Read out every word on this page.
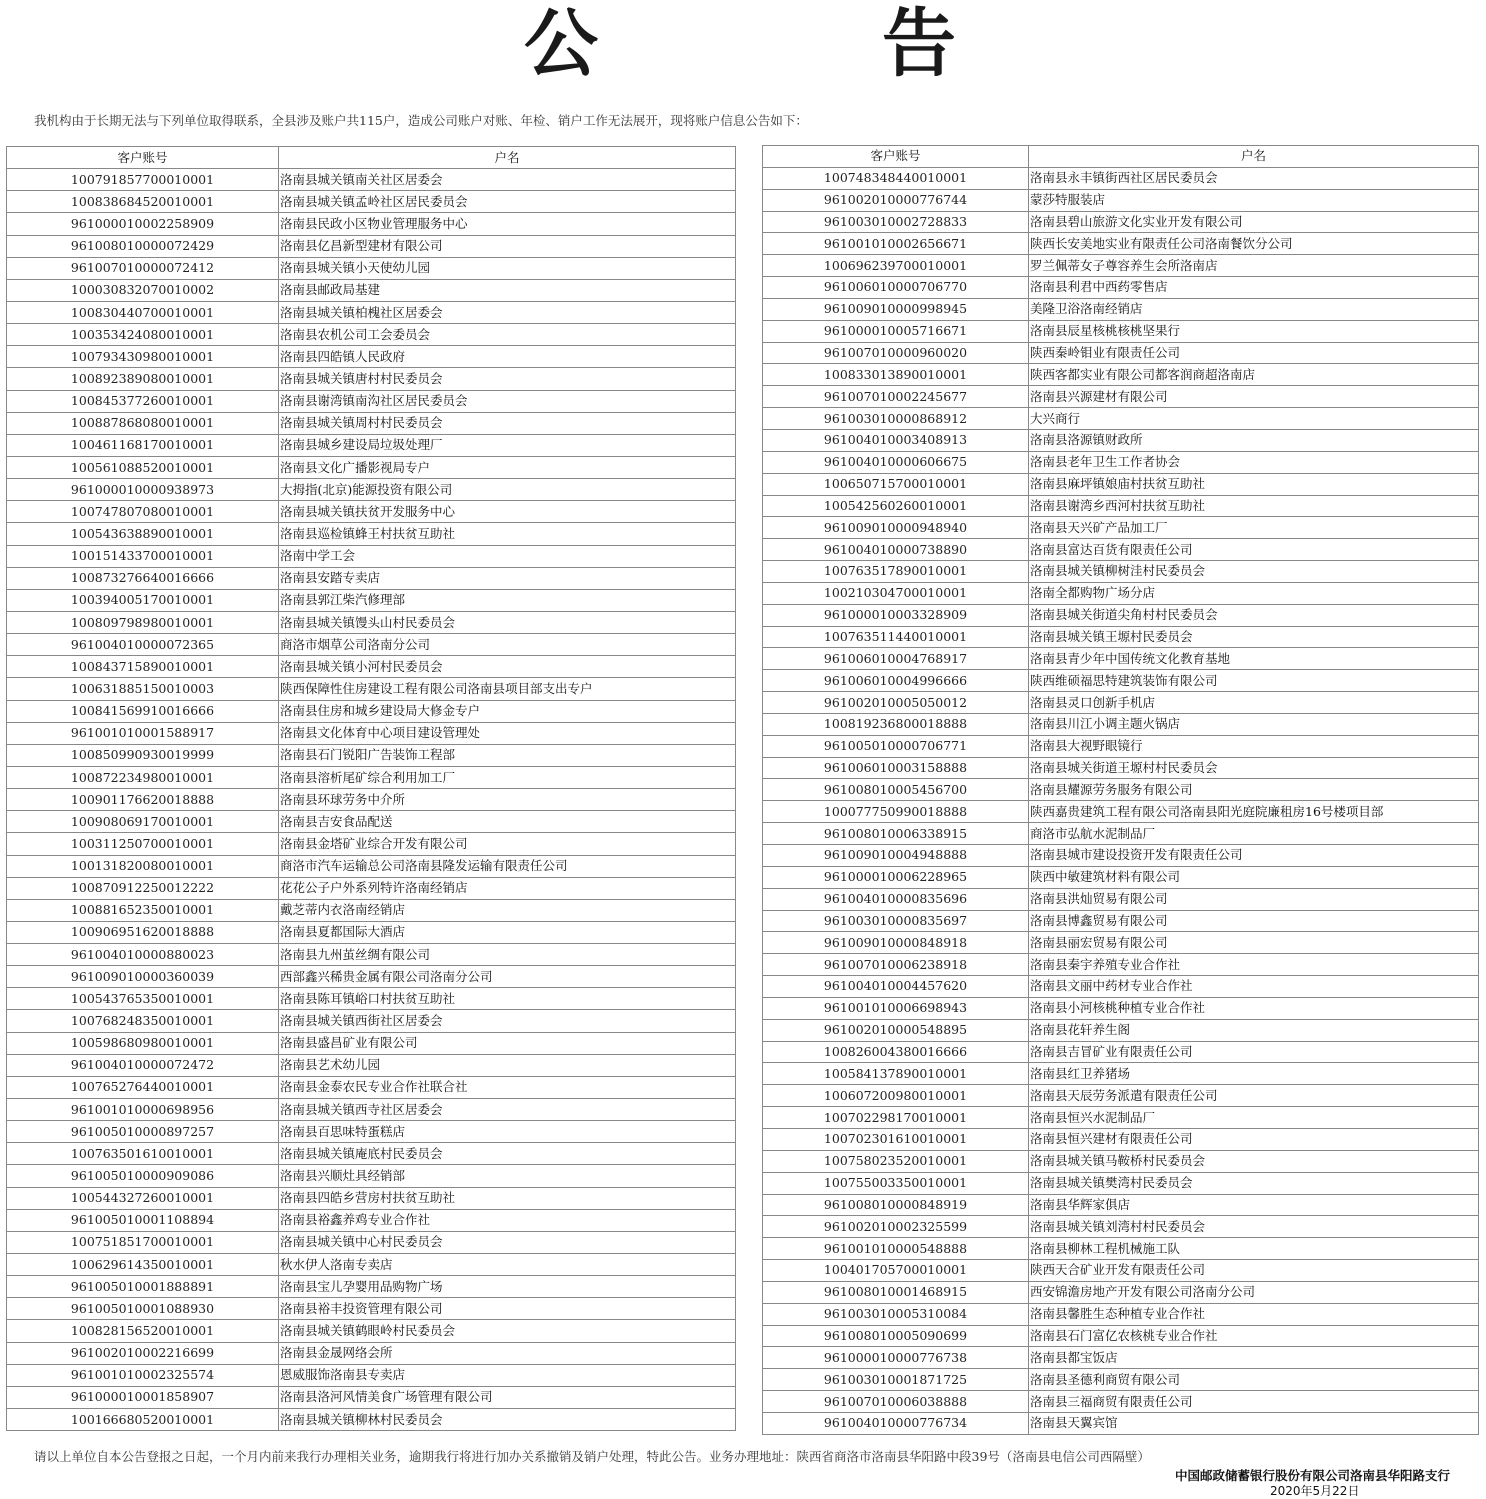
公	告
我机构由于长期无法与下列单位取得联系，全县涉及账户共115户，造成公司账户对账、年检、销户工作无法展开，现将账户信息公告如下：
客户账号	户名
100791857700010001	洛南县城关镇南关社区居委会
100838684520010001	洛南县城关镇孟岭社区居民委员会
961000010002258909	洛南县民政小区物业管理服务中心
961008010000072429	洛南县亿昌新型建材有限公司
961007010000072412	洛南县城关镇小天使幼儿园
100030832070010002	洛南县邮政局基建
100830440700010001	洛南县城关镇柏槐社区居委会
100353424080010001	洛南县农机公司工会委员会
100793430980010001	洛南县四皓镇人民政府
100892389080010001	洛南县城关镇唐村村民委员会
100845377260010001	洛南县谢湾镇南沟社区居民委员会
100887868080010001	洛南县城关镇周村村民委员会
100461168170010001	洛南县城乡建设局垃圾处理厂
100561088520010001	洛南县文化广播影视局专户
961000010000938973	大拇指(北京)能源投资有限公司
100747807080010001	洛南县城关镇扶贫开发服务中心
100543638890010001	洛南县巡检镇蜂王村扶贫互助社
100151433700010001	洛南中学工会
100873276640016666	洛南县安踏专卖店
100394005170010001	洛南县郭江柴汽修理部
100809798980010001	洛南县城关镇馒头山村民委员会
961004010000072365	商洛市烟草公司洛南分公司
100843715890010001	洛南县城关镇小河村民委员会
100631885150010003	陕西保障性住房建设工程有限公司洛南县项目部支出专户
100841569910016666	洛南县住房和城乡建设局大修金专户
961001010001588917	洛南县文化体育中心项目建设管理处
100850990930019999	洛南县石门锐阳广告装饰工程部
100872234980010001	洛南县溶析尾矿综合利用加工厂
100901176620018888	洛南县环球劳务中介所
100908069170010001	洛南县吉安食品配送
100311250700010001	洛南县金塔矿业综合开发有限公司
100131820080010001	商洛市汽车运输总公司洛南县隆发运输有限责任公司
100870912250012222	花花公子户外系列特许洛南经销店
100881652350010001	戴芝蒂内衣洛南经销店
100906951620018888	洛南县夏都国际大酒店
961004010000880023	洛南县九州茧丝绸有限公司
961009010000360039	西部鑫兴稀贵金属有限公司洛南分公司
100543765350010001	洛南县陈耳镇峪口村扶贫互助社
100768248350010001	洛南县城关镇西街社区居委会
100598680980010001	洛南县盛昌矿业有限公司
961004010000072472	洛南县艺术幼儿园
100765276440010001	洛南县金泰农民专业合作社联合社
961001010000698956	洛南县城关镇西寺社区居委会
961005010000897257	洛南县百思味特蛋糕店
100763501610010001	洛南县城关镇庵底村民委员会
961005010000909086	洛南县兴顺灶具经销部
100544327260010001	洛南县四皓乡营房村扶贫互助社
961005010001108894	洛南县裕鑫养鸡专业合作社
100751851700010001	洛南县城关镇中心村民委员会
100629614350010001	秋水伊人洛南专卖店
961005010001888891	洛南县宝儿孕婴用品购物广场
961005010001088930	洛南县裕丰投资管理有限公司
100828156520010001	洛南县城关镇鹤眼岭村民委员会
961002010002216699	洛南县金晟网络会所
961001010002325574	恩威服饰洛南县专卖店
961000010001858907	洛南县洛河风情美食广场管理有限公司
100166680520010001	洛南县城关镇柳林村民委员会
客户账号	户名
100748348440010001	洛南县永丰镇街西社区居民委员会
961002010000776744	蒙莎特服装店
961003010002728833	洛南县碧山旅游文化实业开发有限公司
961001010002656671	陕西长安美地实业有限责任公司洛南餐饮分公司
100696239700010001	罗兰佩蒂女子尊容养生会所洛南店
961006010000706770	洛南县利君中西药零售店
961009010000998945	美隆卫浴洛南经销店
961000010005716671	洛南县辰星核桃核桃坚果行
961007010000960020	陕西秦岭钼业有限责任公司
100833013890010001	陕西客都实业有限公司都客润商超洛南店
961007010002245677	洛南县兴源建材有限公司
961003010000868912	大兴商行
961004010003408913	洛南县洛源镇财政所
961004010000606675	洛南县老年卫生工作者协会
100650715700010001	洛南县麻坪镇娘庙村扶贫互助社
100542560260010001	洛南县谢湾乡西河村扶贫互助社
961009010000948940	洛南县天兴矿产品加工厂
961004010000738890	洛南县富达百货有限责任公司
100763517890010001	洛南县城关镇柳树洼村民委员会
100210304700010001	洛南全都购物广场分店
961000010003328909	洛南县城关街道尖角村村民委员会
100763511440010001	洛南县城关镇王塬村民委员会
961006010004768917	洛南县青少年中国传统文化教育基地
961006010004996666	陕西维硕福思特建筑装饰有限公司
961002010005050012	洛南县灵口创新手机店
100819236800018888	洛南县川江小调主题火锅店
961005010000706771	洛南县大视野眼镜行
961006010003158888	洛南县城关街道王塬村村民委员会
961008010005456700	洛南县耀源劳务服务有限公司
100077750990018888	陕西嘉贵建筑工程有限公司洛南县阳光庭院廉租房16号楼项目部
961008010006338915	商洛市弘航水泥制品厂
961009010004948888	洛南县城市建设投资开发有限责任公司
961000010006228965	陕西中敏建筑材料有限公司
961004010000835696	洛南县洪灿贸易有限公司
961003010000835697	洛南县博鑫贸易有限公司
961009010000848918	洛南县丽宏贸易有限公司
961007010006238918	洛南县秦宇养殖专业合作社
961004010004457620	洛南县文丽中药材专业合作社
961001010006698943	洛南县小河核桃种植专业合作社
961002010000548895	洛南县花轩养生阁
100826004380016666	洛南县吉冒矿业有限责任公司
100584137890010001	洛南县红卫养猪场
100607200980010001	洛南县天辰劳务派遣有限责任公司
100702298170010001	洛南县恒兴水泥制品厂
100702301610010001	洛南县恒兴建材有限责任公司
100758023520010001	洛南县城关镇马鞍桥村民委员会
100755003350010001	洛南县城关镇樊湾村民委员会
961008010000848919	洛南县华辉家俱店
961002010002325599	洛南县城关镇刘湾村村民委员会
961001010000548888	洛南县柳林工程机械施工队
100401705700010001	陕西天合矿业开发有限责任公司
961008010001468915	西安锦澹房地产开发有限公司洛南分公司
961003010005310084	洛南县馨胜生态种植专业合作社
961008010005090699	洛南县石门富亿农核桃专业合作社
961000010000776738	洛南县都宝饭店
961003010001871725	洛南县圣德利商贸有限公司
961007010006038888	洛南县三福商贸有限责任公司
961004010000776734	洛南县天翼宾馆
请以上单位自本公告登报之日起，一个月内前来我行办理相关业务，逾期我行将进行加办关系撤销及销户处理，特此公告。业务办理地址：陕西省商洛市洛南县华阳路中段39号（洛南县电信公司西隔壁）
中国邮政储蓄银行股份有限公司洛南县华阳路支行
2020年5月22日
